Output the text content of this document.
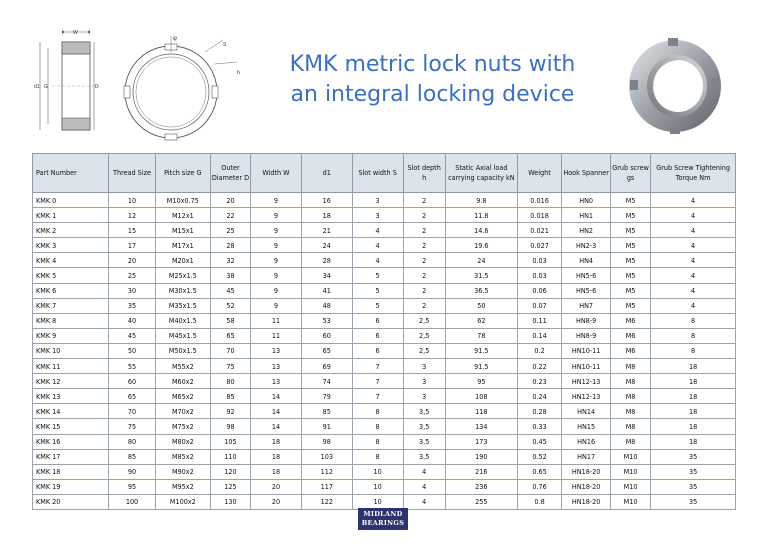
W
d1 G	D
φ
S
h	KMK metric lock nuts with
an integral locking device
Part Number	Thread Size	Pitch size G	Outer Diameter D	Width W	d1	Slot width S	Slot depth h	Static Axial load carrying capacity kN	Weight	Hook Spanner	Grub screw gs	Grub Screw Tightening Torque Nm
KMK 0	10	M10x0.75	20	9	16	3	2	9.8	0.016	HN0	M5	4
KMK 1	12	M12x1	22	9	18	3	2	11.8	0.018	HN1	M5	4
KMK 2	15	M15x1	25	9	21	4	2	14.6	0.021	HN2	M5	4
KMK 3	17	M17x1	28	9	24	4	2	19.6	0.027	HN2-3	M5	4
KMK 4	20	M20x1	32	9	28	4	2	24	0.03	HN4	M5	4
KMK 5	25	M25x1.5	38	9	34	5	2	31.5	0.03	HN5-6	M5	4
KMK 6	30	M30x1.5	45	9	41	5	2	36.5	0.06	HN5-6	M5	4
KMK 7	35	M35x1.5	52	9	48	5	2	50	0.07	HN7	M5	4
KMK 8	40	M40x1.5	58	11	53	6	2,5	62	0.11	HN8-9	M6	8
KMK 9	45	M45x1.5	65	11	60	6	2,5	78	0.14	HN8-9	M6	8
KMK 10	50	M50x1.5	70	13	65	6	2,5	91.5	0.2	HN10-11	M6	8
KMK 11	55	M55x2	75	13	69	7	3	91.5	0.22	HN10-11	M8	18
KMK 12	60	M60x2	80	13	74	7	3	95	0.23	HN12-13	M8	18
KMK 13	65	M65x2	85	14	79	7	3	108	0.24	HN12-13	M8	18
KMK 14	70	M70x2	92	14	85	8	3,5	118	0.28	HN14	M8	18
KMK 15	75	M75x2	98	14	91	8	3,5	134	0.33	HN15	M8	18
KMK 16	80	M80x2	105	18	98	8	3,5	173	0.45	HN16	M8	18
KMK 17	85	M85x2	110	18	103	8	3,5	190	0.52	HN17	M10	35
KMK 18	90	M90x2	120	18	112	10	4	216	0.65	HN18-20	M10	35
KMK 19	95	M95x2	125	20	117	10	4	236	0.76	HN18-20	M10	35
KMK 20	100	M100x2	130	20	122	10	4	255	0.8	HN18-20	M10	35
MIDLAND
BEARINGS
